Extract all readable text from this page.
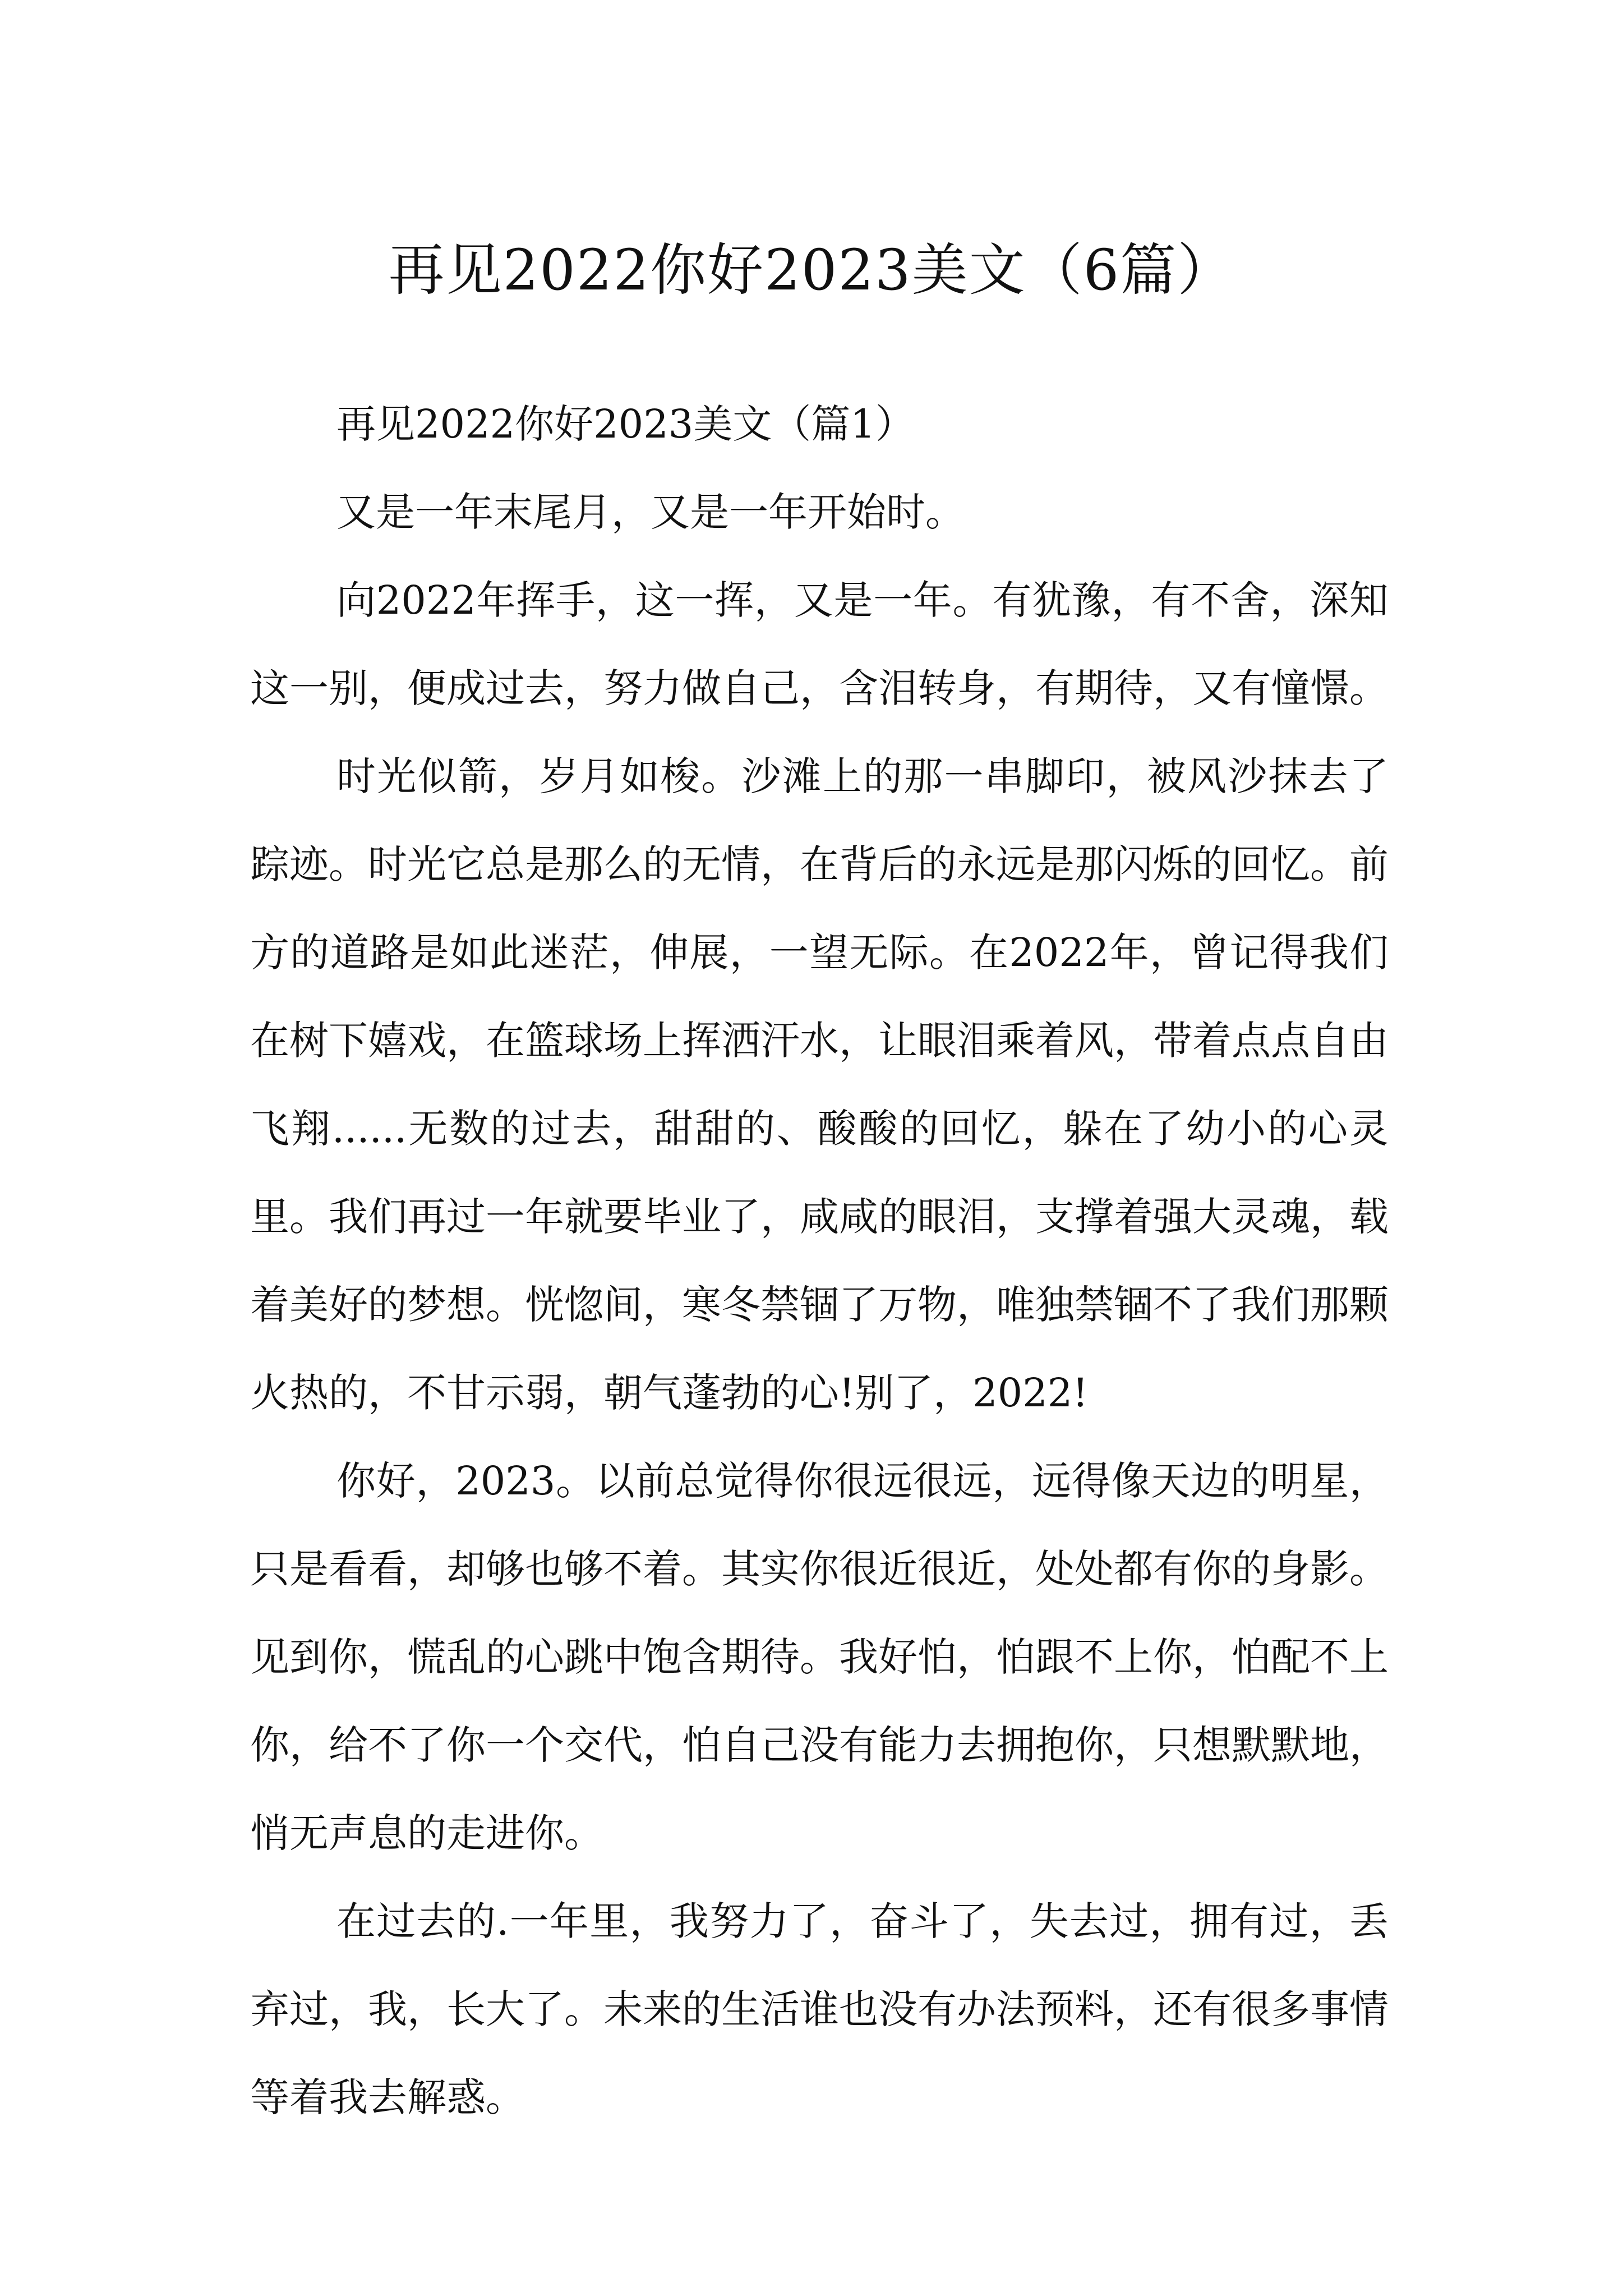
再见2022你好2023美文（6篇）

再见2022你好2023美文（篇1）

又是一年末尾月，又是一年开始时。

向2022年挥手，这一挥，又是一年。有犹豫，有不舍，深知这一别，便成过去，努力做自己，含泪转身，有期待，又有憧憬。

时光似箭，岁月如梭。沙滩上的那一串脚印，被风沙抹去了踪迹。时光它总是那么的无情，在背后的永远是那闪烁的回忆。前方的道路是如此迷茫，伸展，一望无际。在2022年，曾记得我们在树下嬉戏，在篮球场上挥洒汗水，让眼泪乘着风，带着点点自由飞翔......无数的过去，甜甜的、酸酸的回忆，躲在了幼小的心灵里。我们再过一年就要毕业了，咸咸的眼泪，支撑着强大灵魂，载着美好的梦想。恍惚间，寒冬禁锢了万物，唯独禁锢不了我们那颗火热的，不甘示弱，朝气蓬勃的心!别了，2022!

你好，2023。以前总觉得你很远很远，远得像天边的明星，只是看看，却够也够不着。其实你很近很近，处处都有你的身影。见到你，慌乱的心跳中饱含期待。我好怕，怕跟不上你，怕配不上你，给不了你一个交代，怕自己没有能力去拥抱你，只想默默地，悄无声息的走进你。

在过去的.一年里，我努力了，奋斗了，失去过，拥有过，丢弃过，我，长大了。未来的生活谁也没有办法预料，还有很多事情等着我去解惑。
